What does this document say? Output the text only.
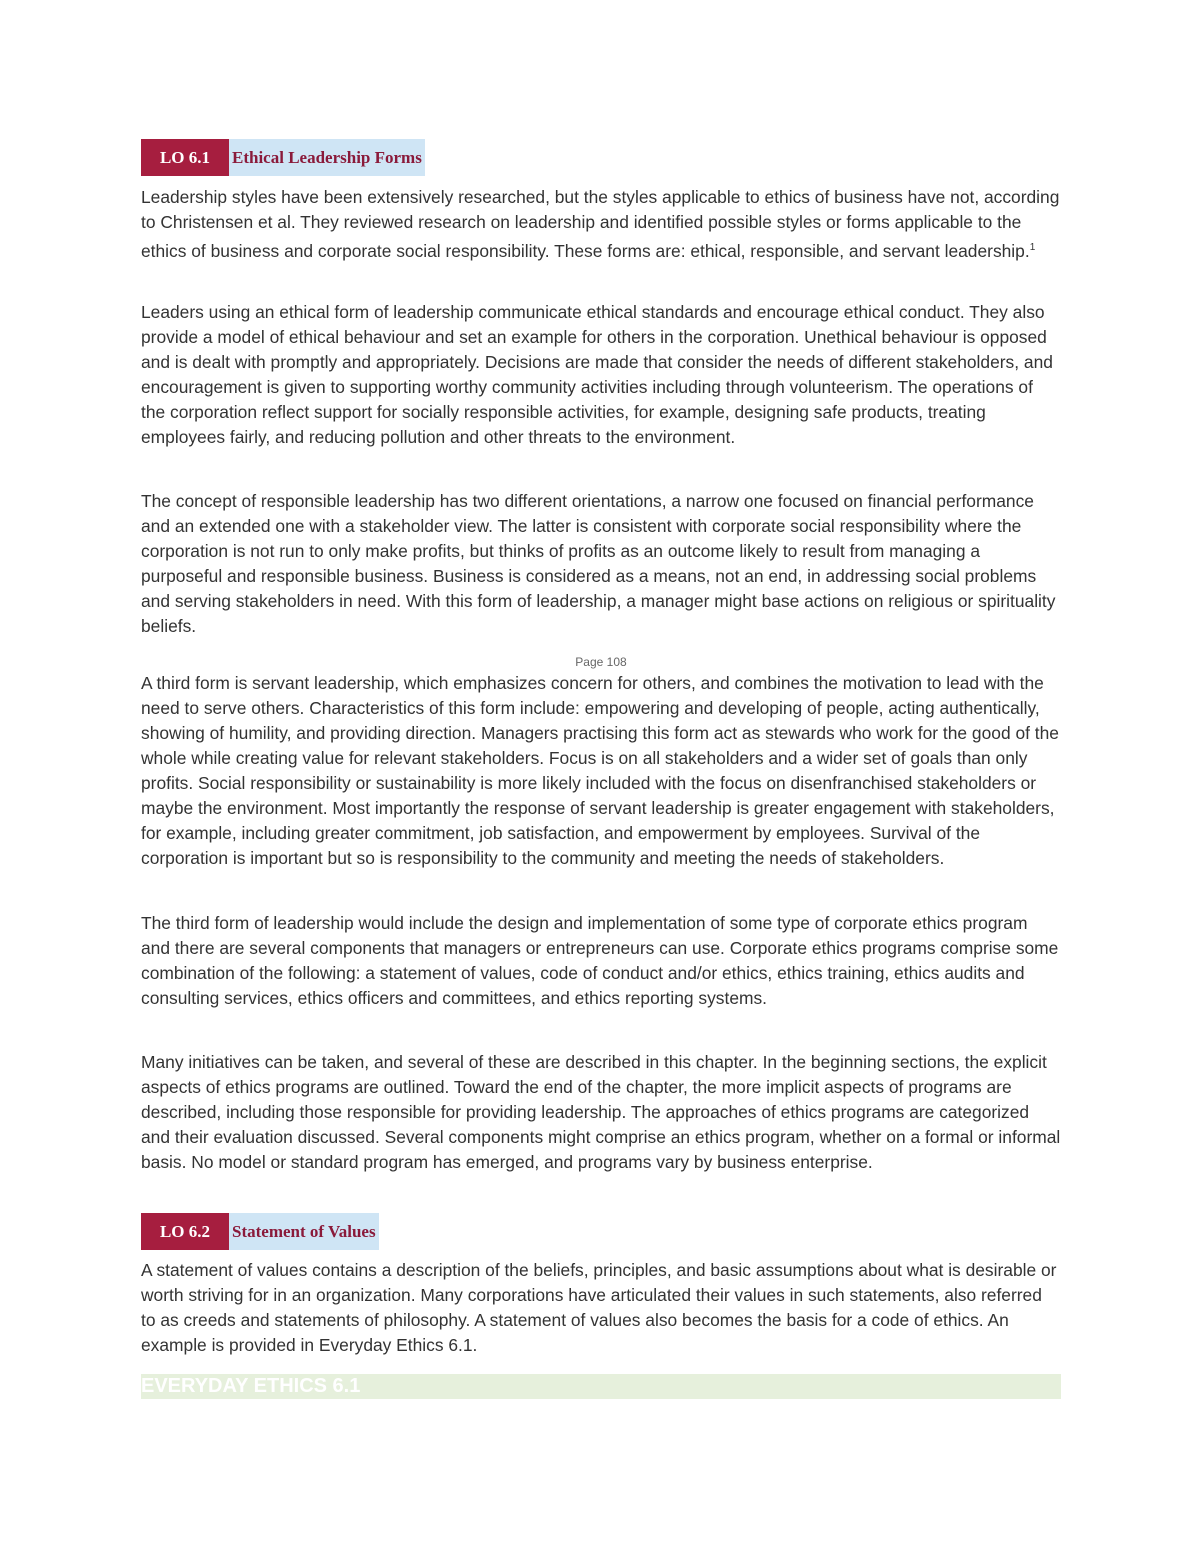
LO 6.1	Ethical Leadership Forms

Leadership styles have been extensively researched, but the styles applicable to ethics of business have not, according to Christensen et al. They reviewed research on leadership and identified possible styles or forms applicable to the ethics of business and corporate social responsibility. These forms are: ethical, responsible, and servant leadership.$^1$

Leaders using an ethical form of leadership communicate ethical standards and encourage ethical conduct. They also provide a model of ethical behaviour and set an example for others in the corporation. Unethical behaviour is opposed and is dealt with promptly and appropriately. Decisions are made that consider the needs of different stakeholders, and encouragement is given to supporting worthy community activities including through volunteerism. The operations of the corporation reflect support for socially responsible activities, for example, designing safe products, treating employees fairly, and reducing pollution and other threats to the environment.

The concept of responsible leadership has two different orientations, a narrow one focused on financial performance and an extended one with a stakeholder view. The latter is consistent with corporate social responsibility where the corporation is not run to only make profits, but thinks of profits as an outcome likely to result from managing a purposeful and responsible business. Business is considered as a means, not an end, in addressing social problems and serving stakeholders in need. With this form of leadership, a manager might base actions on religious or spirituality beliefs.

Page 108

A third form is servant leadership, which emphasizes concern for others, and combines the motivation to lead with the need to serve others. Characteristics of this form include: empowering and developing of people, acting authentically, showing of humility, and providing direction. Managers practising this form act as stewards who work for the good of the whole while creating value for relevant stakeholders. Focus is on all stakeholders and a wider set of goals than only profits. Social responsibility or sustainability is more likely included with the focus on disenfranchised stakeholders or maybe the environment. Most importantly the response of servant leadership is greater engagement with stakeholders, for example, including greater commitment, job satisfaction, and empowerment by employees. Survival of the corporation is important but so is responsibility to the community and meeting the needs of stakeholders.

The third form of leadership would include the design and implementation of some type of corporate ethics program and there are several components that managers or entrepreneurs can use. Corporate ethics programs comprise some combination of the following: a statement of values, code of conduct and/or ethics, ethics training, ethics audits and consulting services, ethics officers and committees, and ethics reporting systems.

Many initiatives can be taken, and several of these are described in this chapter. In the beginning sections, the explicit aspects of ethics programs are outlined. Toward the end of the chapter, the more implicit aspects of programs are described, including those responsible for providing leadership. The approaches of ethics programs are categorized and their evaluation discussed. Several components might comprise an ethics program, whether on a formal or informal basis. No model or standard program has emerged, and programs vary by business enterprise.

LO 6.2	Statement of Values

A statement of values contains a description of the beliefs, principles, and basic assumptions about what is desirable or worth striving for in an organization. Many corporations have articulated their values in such statements, also referred to as creeds and statements of philosophy. A statement of values also becomes the basis for a code of ethics. An example is provided in Everyday Ethics 6.1.

EVERYDAY ETHICS 6.1
